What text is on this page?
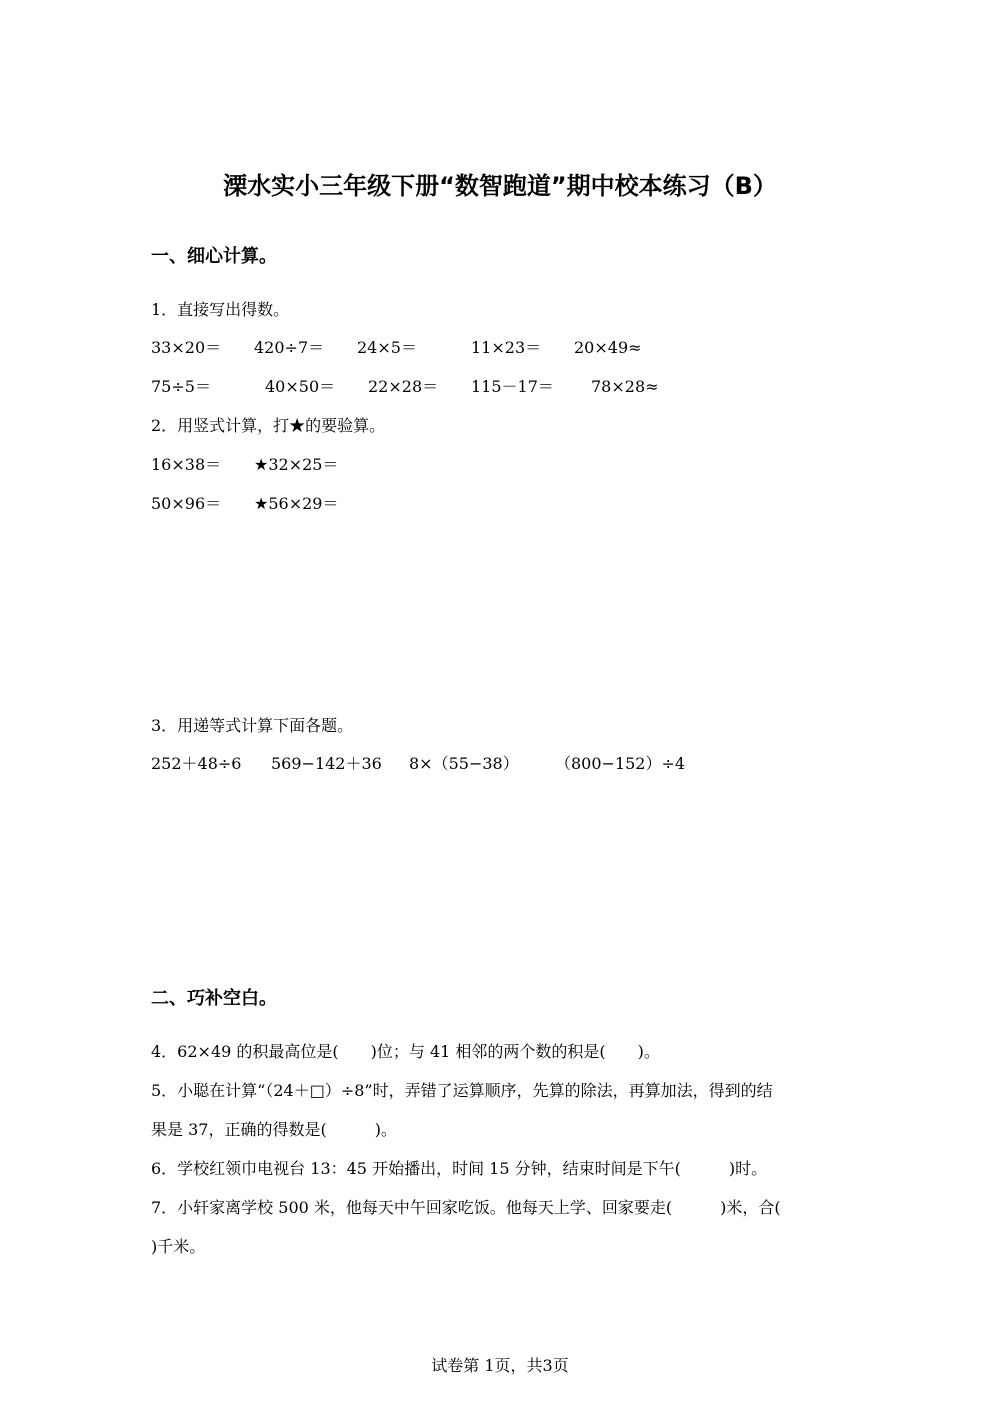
溧水实小三年级下册“数智跑道”期中校本练习（B）
一、细心计算。
1．直接写出得数。
33×20＝ 420÷7＝ 24×5＝	11×23＝ 20×49≈
75÷5＝	40×50＝ 22×28＝ 115－17＝ 78×28≈
2．用竖式计算，打★的要验算。
16×38＝ ★32×25＝
50×96＝ ★56×29＝
3．用递等式计算下面各题。
252＋48÷6 569−142＋36 8×（55−38） （800−152）÷4
二、巧补空白。
4．62×49 的积最高位是(　　)位；与 41 相邻的两个数的积是(　　)。
5．小聪在计算“（24＋□）÷8”时，弄错了运算顺序，先算的除法，再算加法，得到的结
果是 37，正确的得数是(　　　)。
6．学校红领巾电视台 13：45 开始播出，时间 15 分钟，结束时间是下午(　　　)时。
7．小轩家离学校 500 米，他每天中午回家吃饭。他每天上学、回家要走(　　　)米，合(
)千米。
试卷第 1页，共3页
